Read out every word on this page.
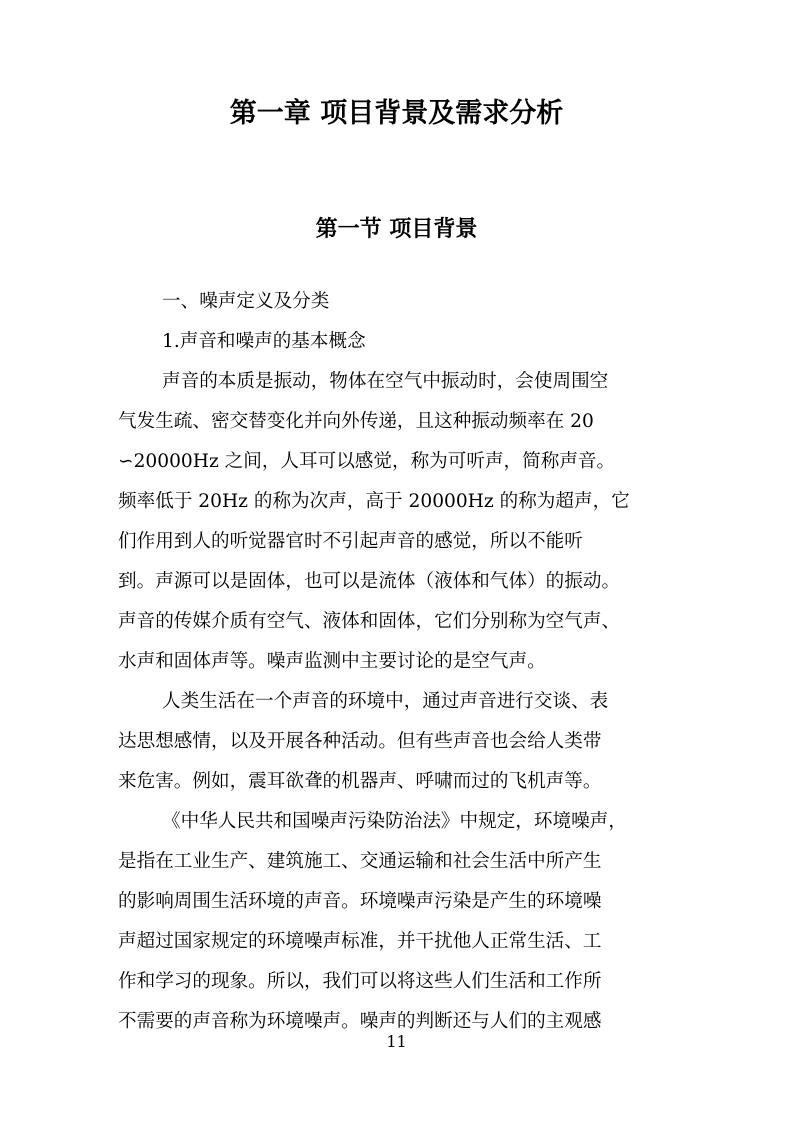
第一章 项目背景及需求分析
第一节 项目背景
一、噪声定义及分类
1.声音和噪声的基本概念
声音的本质是振动，物体在空气中振动时，会使周围空
气发生疏、密交替变化并向外传递，且这种振动频率在 20
∽20000Hz 之间，人耳可以感觉，称为可听声，简称声音。
频率低于 20Hz 的称为次声，高于 20000Hz 的称为超声，它
们作用到人的听觉器官时不引起声音的感觉，所以不能听
到。声源可以是固体，也可以是流体（液体和气体）的振动。
声音的传媒介质有空气、液体和固体，它们分别称为空气声、
水声和固体声等。噪声监测中主要讨论的是空气声。
人类生活在一个声音的环境中，通过声音进行交谈、表
达思想感情，以及开展各种活动。但有些声音也会给人类带
来危害。例如，震耳欲聋的机器声、呼啸而过的飞机声等。
《中华人民共和国噪声污染防治法》中规定，环境噪声，
是指在工业生产、建筑施工、交通运输和社会生活中所产生
的影响周围生活环境的声音。环境噪声污染是产生的环境噪
声超过国家规定的环境噪声标准，并干扰他人正常生活、工
作和学习的现象。所以，我们可以将这些人们生活和工作所
不需要的声音称为环境噪声。噪声的判断还与人们的主观感
11
